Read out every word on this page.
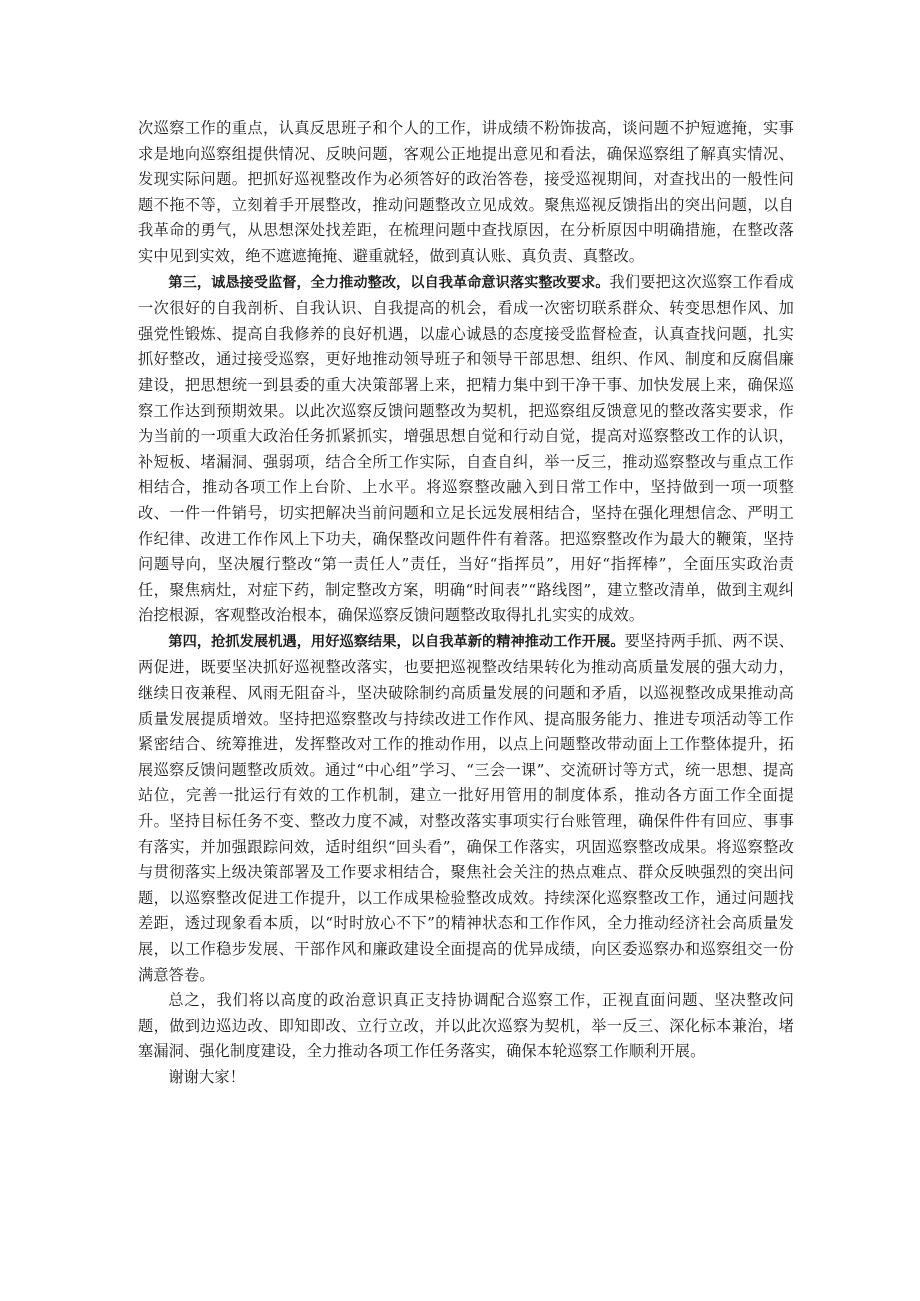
次巡察工作的重点，认真反思班子和个人的工作，讲成绩不粉饰拔高，谈问题不护短遮掩，实事求是地向巡察组提供情况、反映问题，客观公正地提出意见和看法，确保巡察组了解真实情况、发现实际问题。把抓好巡视整改作为必须答好的政治答卷，接受巡视期间，对查找出的一般性问题不拖不等，立刻着手开展整改，推动问题整改立见成效。聚焦巡视反馈指出的突出问题，以自我革命的勇气，从思想深处找差距，在梳理问题中查找原因，在分析原因中明确措施，在整改落实中见到实效，绝不遮遮掩掩、避重就轻，做到真认账、真负责、真整改。

第三，诚恳接受监督，全力推动整改，以自我革命意识落实整改要求。我们要把这次巡察工作看成一次很好的自我剖析、自我认识、自我提高的机会，看成一次密切联系群众、转变思想作风、加强党性锻炼、提高自我修养的良好机遇，以虚心诚恳的态度接受监督检查，认真查找问题，扎实抓好整改，通过接受巡察，更好地推动领导班子和领导干部思想、组织、作风、制度和反腐倡廉建设，把思想统一到县委的重大决策部署上来，把精力集中到干净干事、加快发展上来，确保巡察工作达到预期效果。以此次巡察反馈问题整改为契机，把巡察组反馈意见的整改落实要求，作为当前的一项重大政治任务抓紧抓实，增强思想自觉和行动自觉，提高对巡察整改工作的认识，补短板、堵漏洞、强弱项，结合全所工作实际，自查自纠，举一反三，推动巡察整改与重点工作相结合，推动各项工作上台阶、上水平。将巡察整改融入到日常工作中，坚持做到一项一项整改、一件一件销号，切实把解决当前问题和立足长远发展相结合，坚持在强化理想信念、严明工作纪律、改进工作作风上下功夫，确保整改问题件件有着落。把巡察整改作为最大的鞭策，坚持问题导向，坚决履行整改“第一责任人”责任，当好“指挥员”，用好“指挥棒”，全面压实政治责任，聚焦病灶，对症下药，制定整改方案，明确“时间表”“路线图”，建立整改清单，做到主观纠治挖根源，客观整改治根本，确保巡察反馈问题整改取得扎扎实实的成效。

第四，抢抓发展机遇，用好巡察结果，以自我革新的精神推动工作开展。要坚持两手抓、两不误、两促进，既要坚决抓好巡视整改落实，也要把巡视整改结果转化为推动高质量发展的强大动力，继续日夜兼程、风雨无阻奋斗，坚决破除制约高质量发展的问题和矛盾，以巡视整改成果推动高质量发展提质增效。坚持把巡察整改与持续改进工作作风、提高服务能力、推进专项活动等工作紧密结合、统筹推进，发挥整改对工作的推动作用，以点上问题整改带动面上工作整体提升，拓展巡察反馈问题整改质效。通过“中心组”学习、“三会一课”、交流研讨等方式，统一思想、提高站位，完善一批运行有效的工作机制，建立一批好用管用的制度体系，推动各方面工作全面提升。坚持目标任务不变、整改力度不减，对整改落实事项实行台账管理，确保件件有回应、事事有落实，并加强跟踪问效，适时组织“回头看”，确保工作落实，巩固巡察整改成果。将巡察整改与贯彻落实上级决策部署及工作要求相结合，聚焦社会关注的热点难点、群众反映强烈的突出问题，以巡察整改促进工作提升，以工作成果检验整改成效。持续深化巡察整改工作，通过问题找差距，透过现象看本质，以“时时放心不下”的精神状态和工作作风，全力推动经济社会高质量发展，以工作稳步发展、干部作风和廉政建设全面提高的优异成绩，向区委巡察办和巡察组交一份满意答卷。

总之，我们将以高度的政治意识真正支持协调配合巡察工作，正视直面问题、坚决整改问题，做到边巡边改、即知即改、立行立改，并以此次巡察为契机，举一反三、深化标本兼治，堵塞漏洞、强化制度建设，全力推动各项工作任务落实，确保本轮巡察工作顺利开展。

谢谢大家！
